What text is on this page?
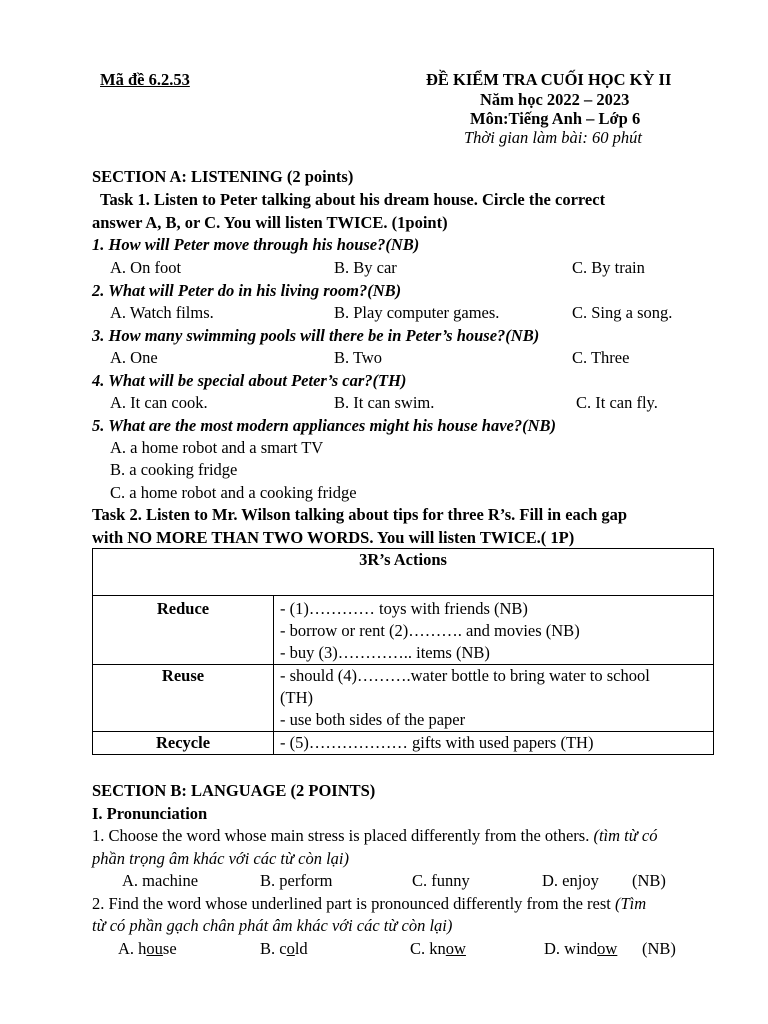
Mã đề 6.2.53	ĐỀ KIỂM TRA CUỐI HỌC KỲ II
Năm học 2022 – 2023
Môn:Tiếng Anh – Lớp 6
Thời gian làm bài: 60 phút
SECTION A: LISTENING (2 points)
Task 1. Listen to Peter talking about his dream house. Circle the correct
answer A, B, or C. You will listen TWICE. (1point)
1. How will Peter move through his house?(NB)
A. On foot	B. By car	C. By train
2. What will Peter do in his living room?(NB)
A. Watch films.	B. Play computer games.	C. Sing a song.
3. How many swimming pools will there be in Peter’s house?(NB)
A. One	B. Two	C. Three
4. What will be special about Peter’s car?(TH)
A. It can cook.	B. It can swim.	C. It can fly.
5. What are the most modern appliances might his house have?(NB)
A. a home robot and a smart TV
B. a cooking fridge
C. a home robot and a cooking fridge
Task 2. Listen to Mr. Wilson talking about tips for three R’s. Fill in each gap
with NO MORE THAN TWO WORDS. You will listen TWICE.( 1P)
3R’s Actions	
Reduce	- (1)………… toys with friends (NB)
- borrow or rent (2)………. and movies (NB)
- buy (3)………….. items (NB)

Reuse	- should (4)……….water bottle to bring water to school
(TH)
- use both sides of the paper

Recycle	- (5)……………… gifts with used papers (TH)
SECTION B: LANGUAGE (2 POINTS)
I. Pronunciation
1. Choose the word whose main stress is placed differently from the others. (tìm từ có
phần trọng âm khác với các từ còn lại)
A. machine	B. perform	C. funny	D. enjoy (NB)
2. Find the word whose underlined part is pronounced differently from the rest (Tìm
từ có phần gạch chân phát âm khác với các từ còn lại)
A. house	B. cold	C. know	D. window (NB)
